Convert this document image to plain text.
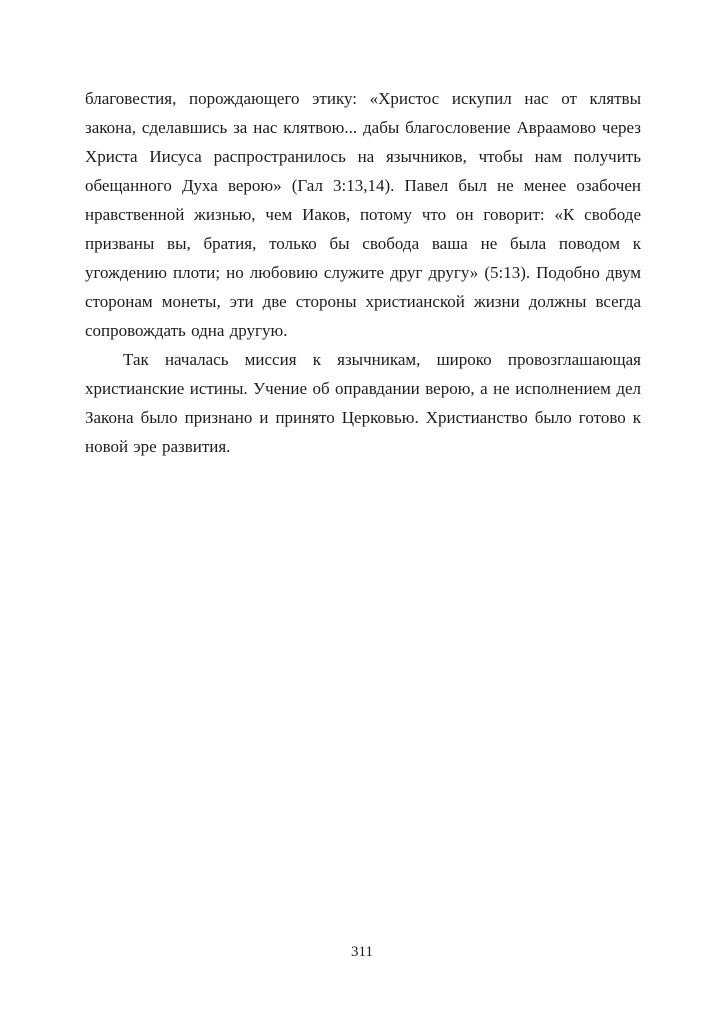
благовестия, порождающего этику: «Христос искупил нас от клятвы закона, сделавшись за нас клятвою... дабы благословение Авраамово через Христа Иисуса распространилось на язычников, чтобы нам получить обещанного Духа верою» (Гал 3:13,14). Павел был не менее озабочен нравственной жизнью, чем Иаков, потому что он говорит: «К свободе призваны вы, братия, только бы свобода ваша не была поводом к угождению плоти; но любовию служите друг другу» (5:13). Подобно двум сторонам монеты, эти две стороны христианской жизни должны всегда сопровождать одна другую.

Так началась миссия к язычникам, широко провозглашающая христианские истины. Учение об оправдании верою, а не исполнением дел Закона было признано и принято Церковью. Христианство было готово к новой эре развития.

311
